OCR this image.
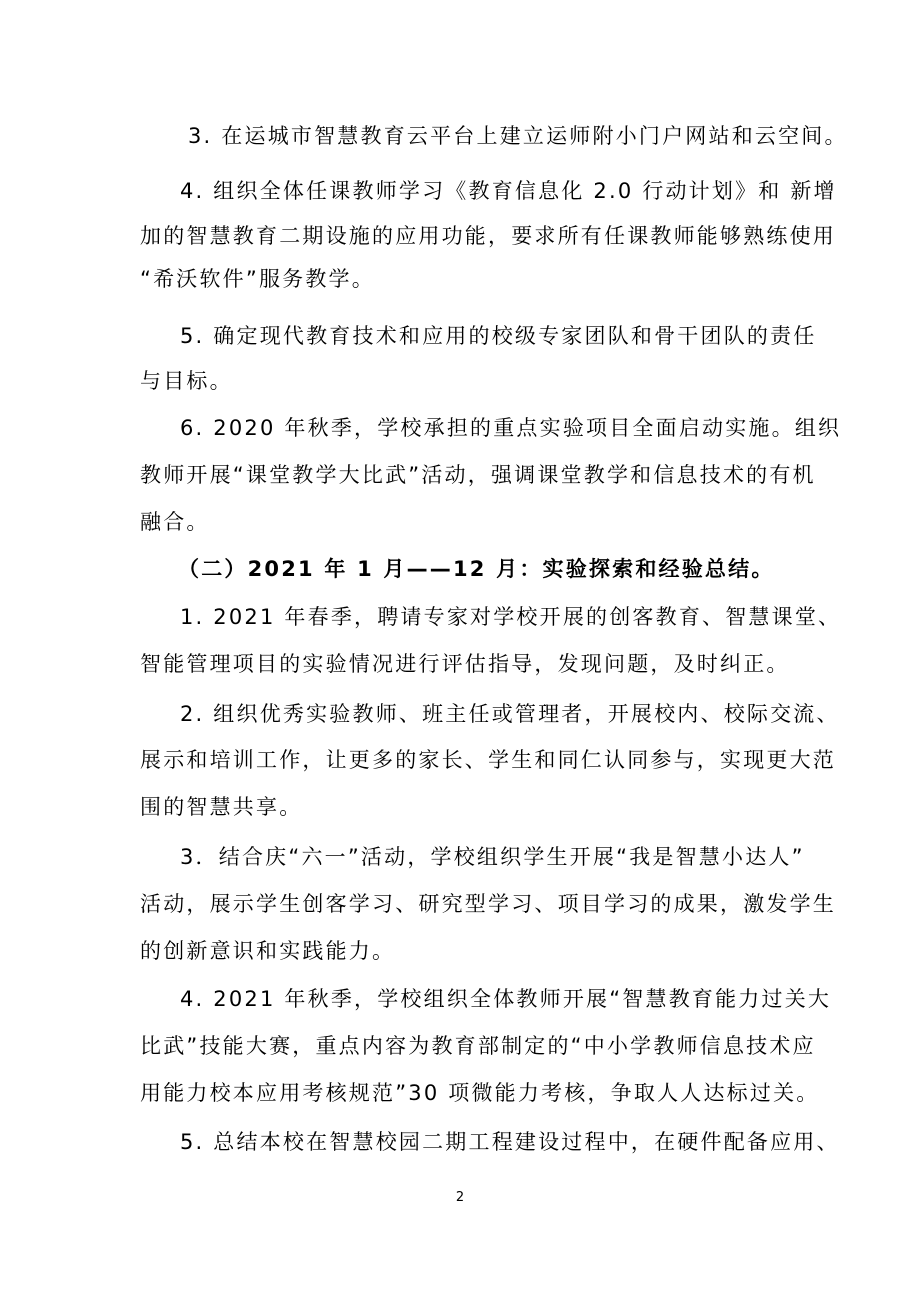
3. 在运城市智慧教育云平台上建立运师附小门户网站和云空间。
4. 组织全体任课教师学习《教育信息化 2.0 行动计划》和 新增
加的智慧教育二期设施的应用功能，要求所有任课教师能够熟练使用
“希沃软件”服务教学。
5. 确定现代教育技术和应用的校级专家团队和骨干团队的责任
与目标。
6. 2020 年秋季，学校承担的重点实验项目全面启动实施。组织
教师开展“课堂教学大比武”活动，强调课堂教学和信息技术的有机
融合。
（二）2021 年 1 月——12 月：实验探索和经验总结。
1. 2021 年春季，聘请专家对学校开展的创客教育、智慧课堂、
智能管理项目的实验情况进行评估指导，发现问题，及时纠正。
2. 组织优秀实验教师、班主任或管理者，开展校内、校际交流、
展示和培训工作，让更多的家长、学生和同仁认同参与，实现更大范
围的智慧共享。
3．结合庆“六一”活动，学校组织学生开展“我是智慧小达人”
活动，展示学生创客学习、研究型学习、项目学习的成果，激发学生
的创新意识和实践能力。
4. 2021 年秋季，学校组织全体教师开展“智慧教育能力过关大
比武”技能大赛，重点内容为教育部制定的“中小学教师信息技术应
用能力校本应用考核规范”30 项微能力考核，争取人人达标过关。
5. 总结本校在智慧校园二期工程建设过程中，在硬件配备应用、
2
